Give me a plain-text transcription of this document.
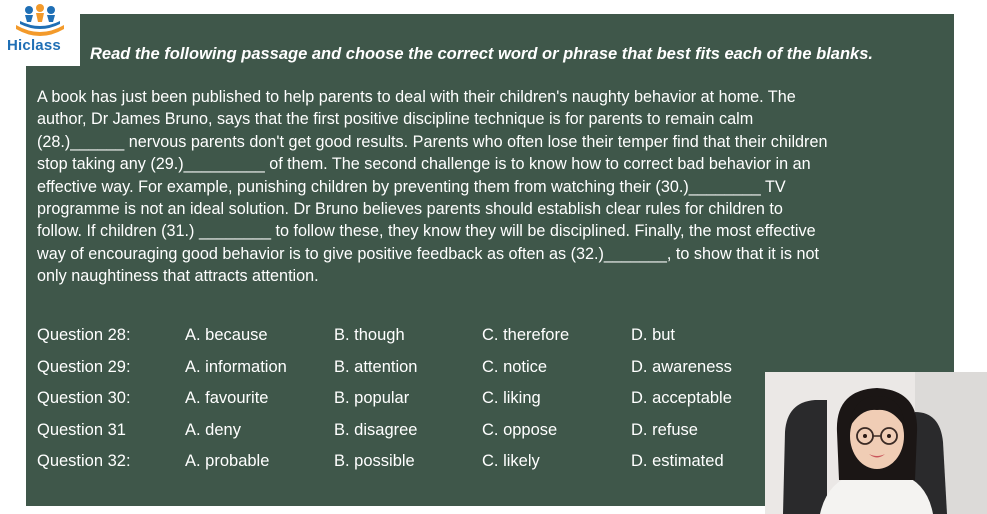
Hiclass Read the following passage and choose the correct word or phrase that best fits each of the blanks.

A book has just been published to help parents to deal with their children's naughty behavior at home. The
author, Dr James Bruno, says that the first positive discipline technique is for parents to remain calm
(28.)______ nervous parents don't get good results. Parents who often lose their temper find that their children
stop taking any (29.)_________ of them. The second challenge is to know how to correct bad behavior in an
effective way. For example, punishing children by preventing them from watching their (30.)________ TV
programme is not an ideal solution. Dr Bruno believes parents should establish clear rules for children to
follow. If children (31.) ________ to follow these, they know they will be disciplined. Finally, the most effective
way of encouraging good behavior is to give positive feedback as often as (32.)_______, to show that it is not
only naughtiness that attracts attention.

Question 28:	A. because	B. though	C. therefore	D. but
Question 29:	A. information	B. attention	C. notice	D. awareness
Question 30:	A. favourite	B. popular	C. liking	D. acceptable
Question 31	A. deny	B. disagree	C. oppose	D. refuse
Question 32:	A. probable	B. possible	C. likely	D. estimated
